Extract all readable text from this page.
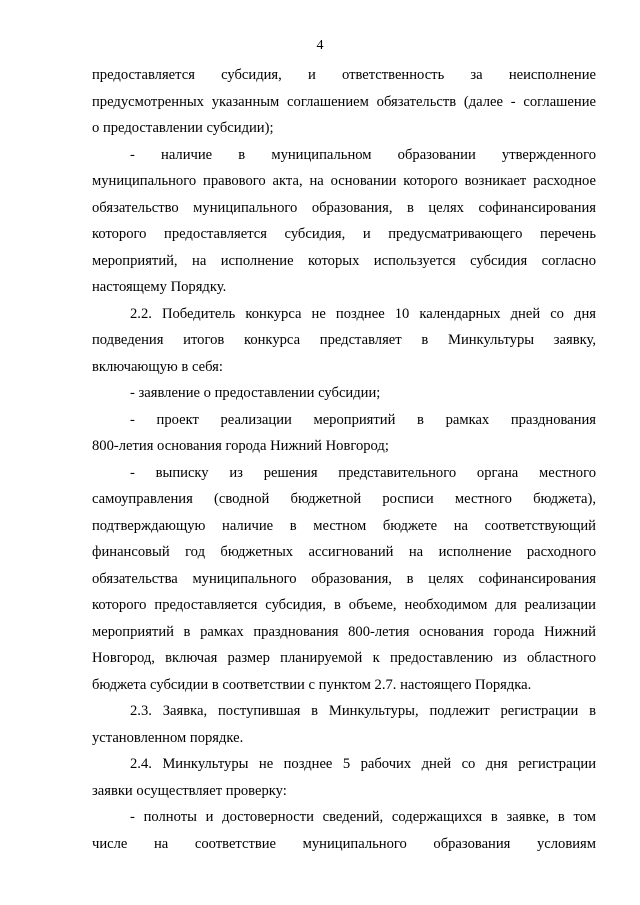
4
предоставляется субсидия, и ответственность за неисполнение
предусмотренных указанным соглашением обязательств (далее - соглашение
о предоставлении субсидии);
- наличие в муниципальном образовании утвержденного
муниципального правового акта, на основании которого возникает расходное
обязательство муниципального образования, в целях софинансирования
которого предоставляется субсидия, и предусматривающего перечень
мероприятий, на исполнение которых используется субсидия согласно
настоящему Порядку.
2.2. Победитель конкурса не позднее 10 календарных дней со дня
подведения итогов конкурса представляет в Минкультуры заявку,
включающую в себя:
- заявление о предоставлении субсидии;
- проект реализации мероприятий в рамках празднования
800-летия основания города Нижний Новгород;
- выписку из решения представительного органа местного
самоуправления (сводной бюджетной росписи местного бюджета),
подтверждающую наличие в местном бюджете на соответствующий
финансовый год бюджетных ассигнований на исполнение расходного
обязательства муниципального образования, в целях софинансирования
которого предоставляется субсидия, в объеме, необходимом для реализации
мероприятий в рамках празднования 800-летия основания города Нижний
Новгород, включая размер планируемой к предоставлению из областного
бюджета субсидии в соответствии с пунктом 2.7. настоящего Порядка.
2.3. Заявка, поступившая в Минкультуры, подлежит регистрации в
установленном порядке.
2.4. Минкультуры не позднее 5 рабочих дней со дня регистрации
заявки осуществляет проверку:
- полноты и достоверности сведений, содержащихся в заявке, в том
числе на соответствие муниципального образования условиям
